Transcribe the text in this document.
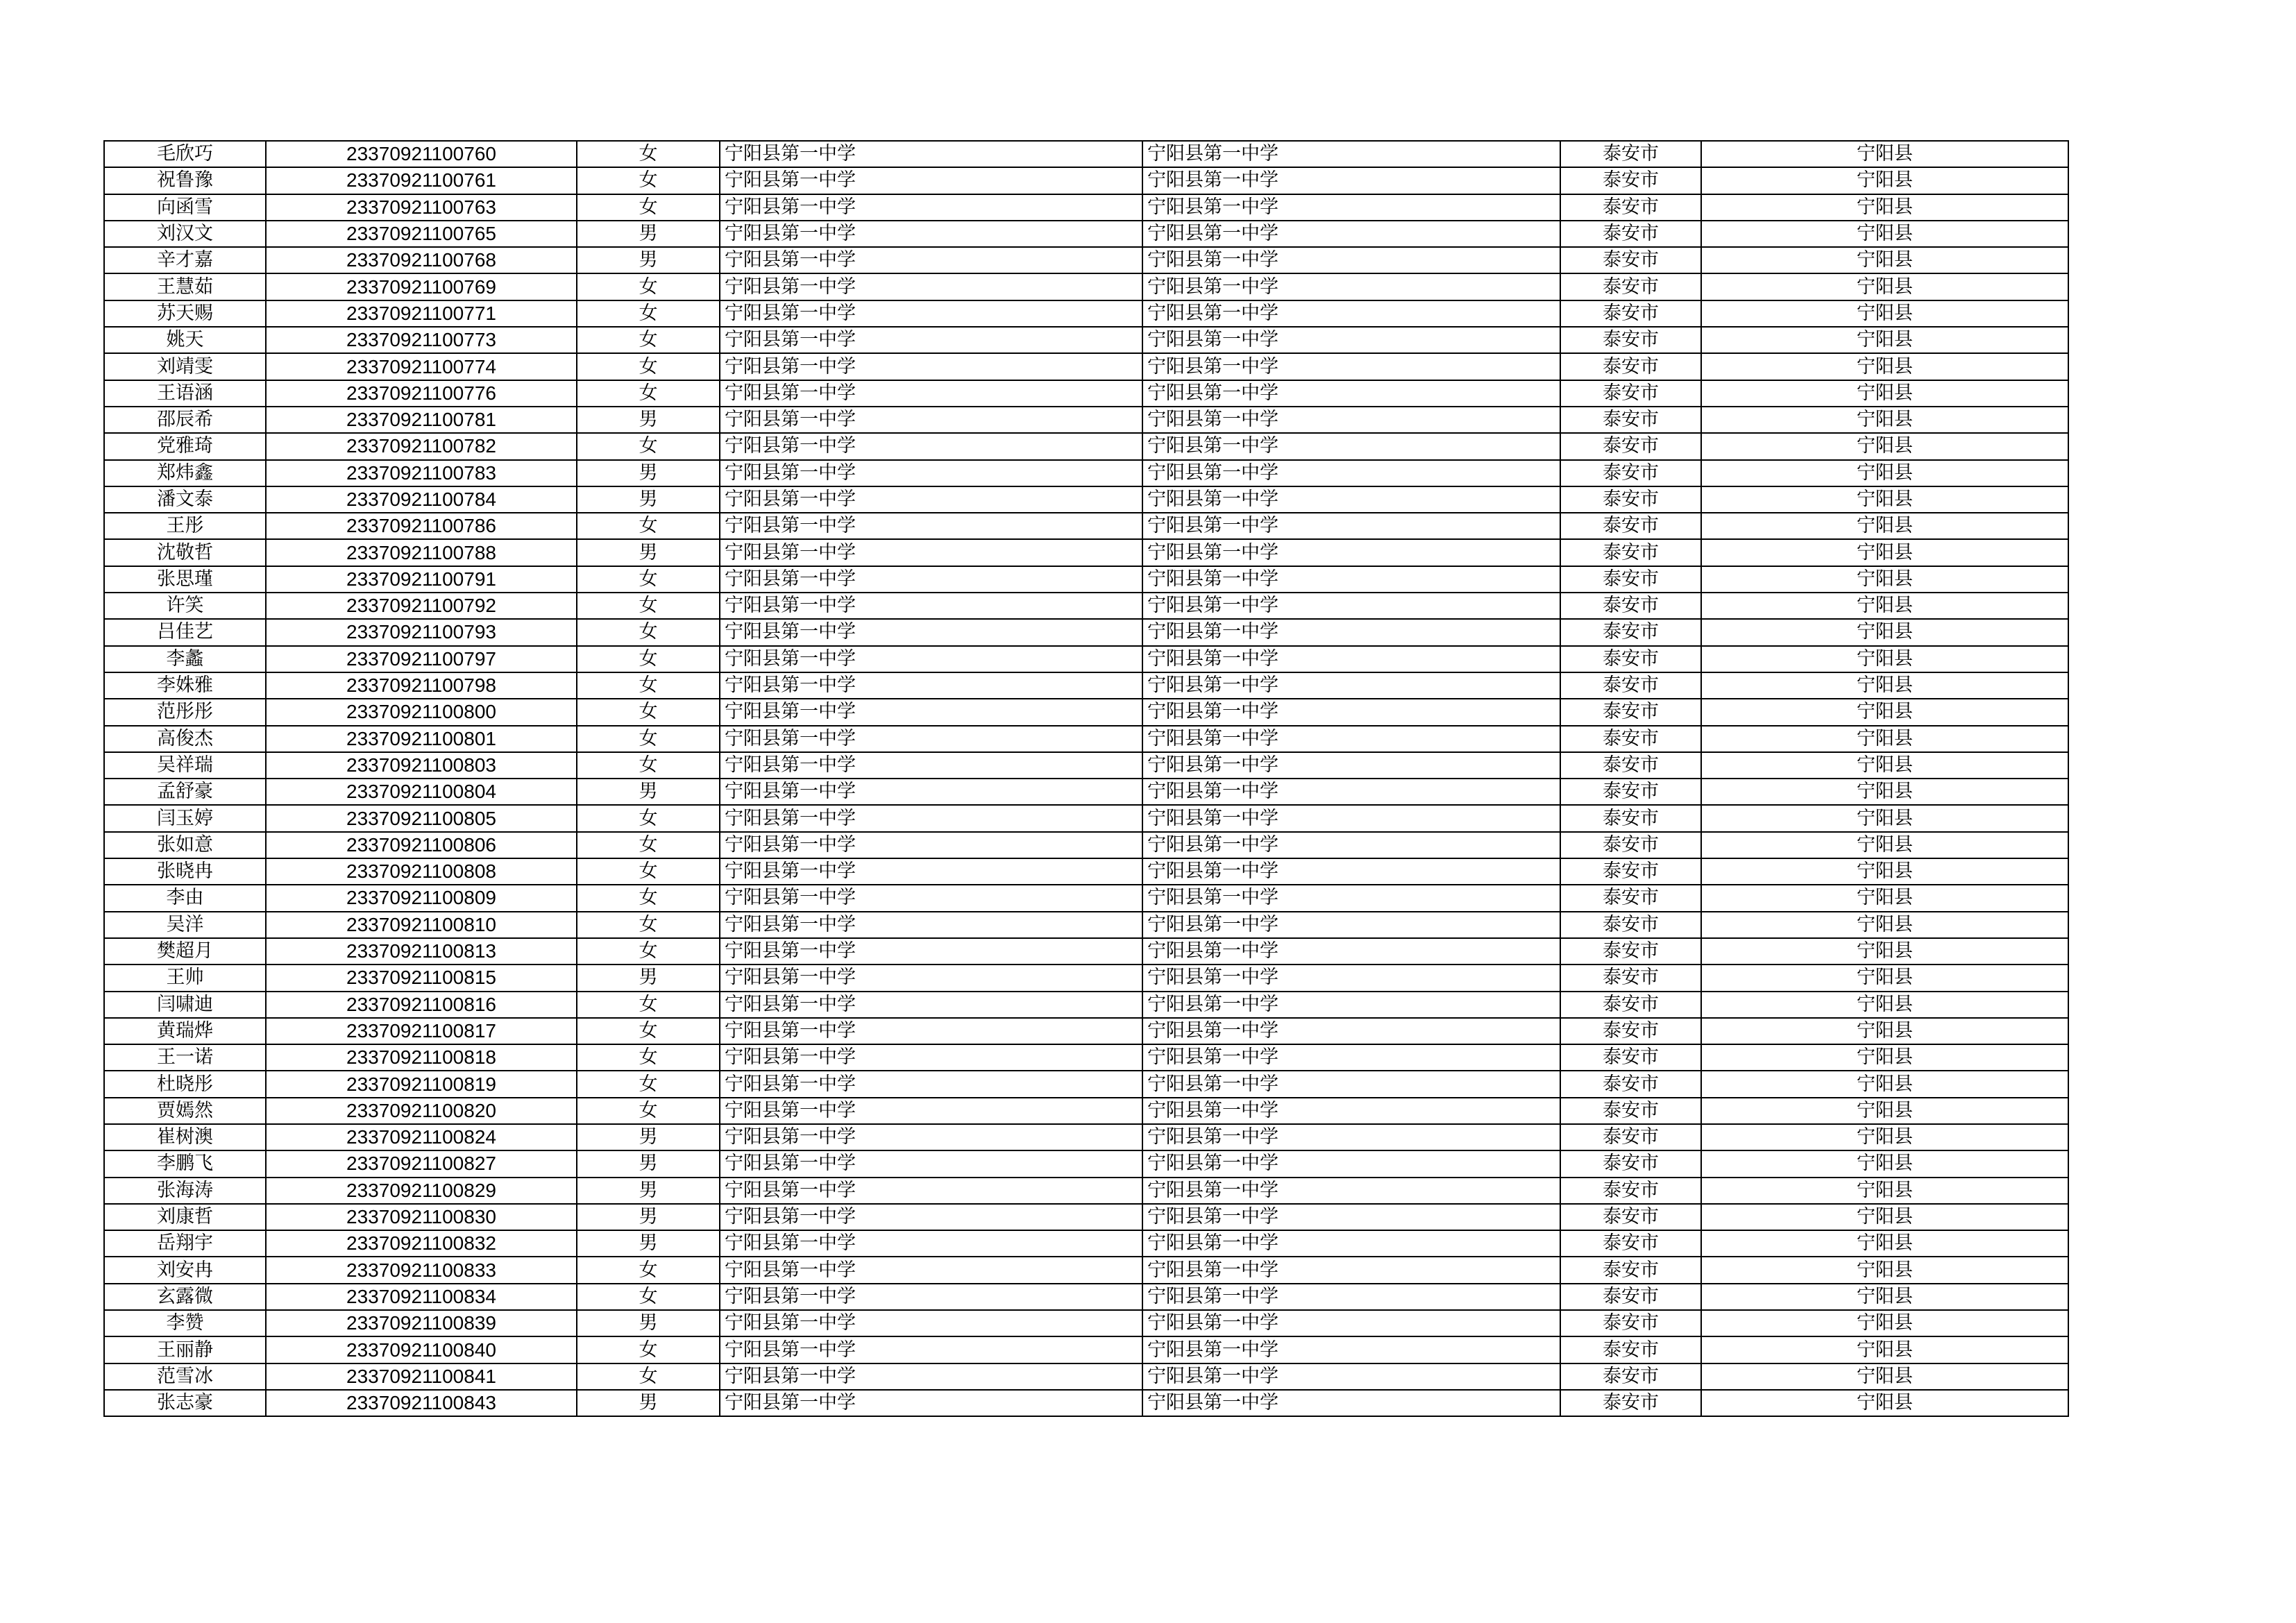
毛欣巧	23370921100760	女	宁阳县第一中学	宁阳县第一中学	泰安市	宁阳县
祝鲁豫	23370921100761	女	宁阳县第一中学	宁阳县第一中学	泰安市	宁阳县
向函雪	23370921100763	女	宁阳县第一中学	宁阳县第一中学	泰安市	宁阳县
刘汉文	23370921100765	男	宁阳县第一中学	宁阳县第一中学	泰安市	宁阳县
辛才嘉	23370921100768	男	宁阳县第一中学	宁阳县第一中学	泰安市	宁阳县
王慧茹	23370921100769	女	宁阳县第一中学	宁阳县第一中学	泰安市	宁阳县
苏天赐	23370921100771	女	宁阳县第一中学	宁阳县第一中学	泰安市	宁阳县
姚天	23370921100773	女	宁阳县第一中学	宁阳县第一中学	泰安市	宁阳县
刘靖雯	23370921100774	女	宁阳县第一中学	宁阳县第一中学	泰安市	宁阳县
王语涵	23370921100776	女	宁阳县第一中学	宁阳县第一中学	泰安市	宁阳县
邵辰希	23370921100781	男	宁阳县第一中学	宁阳县第一中学	泰安市	宁阳县
党雅琦	23370921100782	女	宁阳县第一中学	宁阳县第一中学	泰安市	宁阳县
郑炜鑫	23370921100783	男	宁阳县第一中学	宁阳县第一中学	泰安市	宁阳县
潘文泰	23370921100784	男	宁阳县第一中学	宁阳县第一中学	泰安市	宁阳县
王彤	23370921100786	女	宁阳县第一中学	宁阳县第一中学	泰安市	宁阳县
沈敬哲	23370921100788	男	宁阳县第一中学	宁阳县第一中学	泰安市	宁阳县
张思瑾	23370921100791	女	宁阳县第一中学	宁阳县第一中学	泰安市	宁阳县
许笑	23370921100792	女	宁阳县第一中学	宁阳县第一中学	泰安市	宁阳县
吕佳艺	23370921100793	女	宁阳县第一中学	宁阳县第一中学	泰安市	宁阳县
李蠡	23370921100797	女	宁阳县第一中学	宁阳县第一中学	泰安市	宁阳县
李姝雅	23370921100798	女	宁阳县第一中学	宁阳县第一中学	泰安市	宁阳县
范彤彤	23370921100800	女	宁阳县第一中学	宁阳县第一中学	泰安市	宁阳县
高俊杰	23370921100801	女	宁阳县第一中学	宁阳县第一中学	泰安市	宁阳县
吴祥瑞	23370921100803	女	宁阳县第一中学	宁阳县第一中学	泰安市	宁阳县
孟舒豪	23370921100804	男	宁阳县第一中学	宁阳县第一中学	泰安市	宁阳县
闫玉婷	23370921100805	女	宁阳县第一中学	宁阳县第一中学	泰安市	宁阳县
张如意	23370921100806	女	宁阳县第一中学	宁阳县第一中学	泰安市	宁阳县
张晓冉	23370921100808	女	宁阳县第一中学	宁阳县第一中学	泰安市	宁阳县
李由	23370921100809	女	宁阳县第一中学	宁阳县第一中学	泰安市	宁阳县
吴洋	23370921100810	女	宁阳县第一中学	宁阳县第一中学	泰安市	宁阳县
樊超月	23370921100813	女	宁阳县第一中学	宁阳县第一中学	泰安市	宁阳县
王帅	23370921100815	男	宁阳县第一中学	宁阳县第一中学	泰安市	宁阳县
闫啸迪	23370921100816	女	宁阳县第一中学	宁阳县第一中学	泰安市	宁阳县
黄瑞烨	23370921100817	女	宁阳县第一中学	宁阳县第一中学	泰安市	宁阳县
王一诺	23370921100818	女	宁阳县第一中学	宁阳县第一中学	泰安市	宁阳县
杜晓彤	23370921100819	女	宁阳县第一中学	宁阳县第一中学	泰安市	宁阳县
贾嫣然	23370921100820	女	宁阳县第一中学	宁阳县第一中学	泰安市	宁阳县
崔树澳	23370921100824	男	宁阳县第一中学	宁阳县第一中学	泰安市	宁阳县
李鹏飞	23370921100827	男	宁阳县第一中学	宁阳县第一中学	泰安市	宁阳县
张海涛	23370921100829	男	宁阳县第一中学	宁阳县第一中学	泰安市	宁阳县
刘康哲	23370921100830	男	宁阳县第一中学	宁阳县第一中学	泰安市	宁阳县
岳翔宇	23370921100832	男	宁阳县第一中学	宁阳县第一中学	泰安市	宁阳县
刘安冉	23370921100833	女	宁阳县第一中学	宁阳县第一中学	泰安市	宁阳县
玄露微	23370921100834	女	宁阳县第一中学	宁阳县第一中学	泰安市	宁阳县
李赞	23370921100839	男	宁阳县第一中学	宁阳县第一中学	泰安市	宁阳县
王丽静	23370921100840	女	宁阳县第一中学	宁阳县第一中学	泰安市	宁阳县
范雪冰	23370921100841	女	宁阳县第一中学	宁阳县第一中学	泰安市	宁阳县
张志豪	23370921100843	男	宁阳县第一中学	宁阳县第一中学	泰安市	宁阳县
